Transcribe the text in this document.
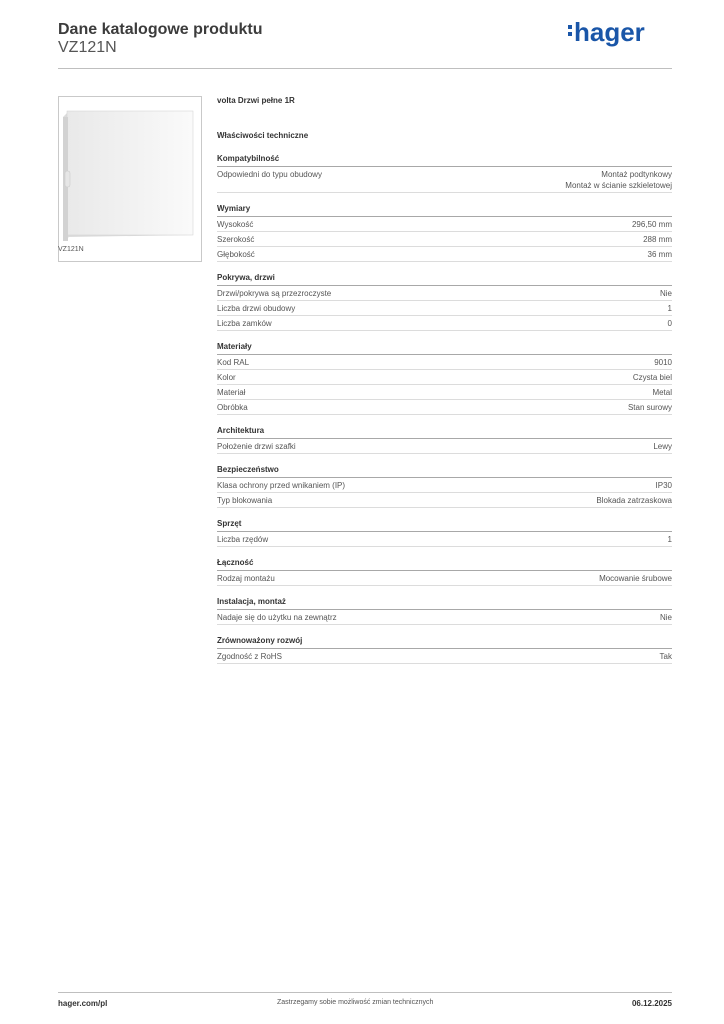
Dane katalogowe produktu
VZ121N
hager
VZ121N
volta Drzwi pełne 1R
Właściwości techniczne
Kompatybilność
Odpowiedni do typu obudowy	Montaż podtynkowy
Montaż w ścianie szkieletowej
Wymiary
Wysokość	296,50 mm
Szerokość	288 mm
Głębokość	36 mm
Pokrywa, drzwi
Drzwi/pokrywa są przezroczyste	Nie
Liczba drzwi obudowy	1
Liczba zamków	0
Materiały
Kod RAL	9010
Kolor	Czysta biel
Materiał	Metal
Obróbka	Stan surowy
Architektura
Położenie drzwi szafki	Lewy
Bezpieczeństwo
Klasa ochrony przed wnikaniem (IP)	IP30
Typ blokowania	Blokada zatrzaskowa
Sprzęt
Liczba rzędów	1
Łączność
Rodzaj montażu	Mocowanie śrubowe
Instalacja, montaż
Nadaje się do użytku na zewnątrz	Nie
Zrównoważony rozwój
Zgodność z RoHS	Tak
hager.com/pl	Zastrzegamy sobie możliwość zmian technicznych	06.12.2025
